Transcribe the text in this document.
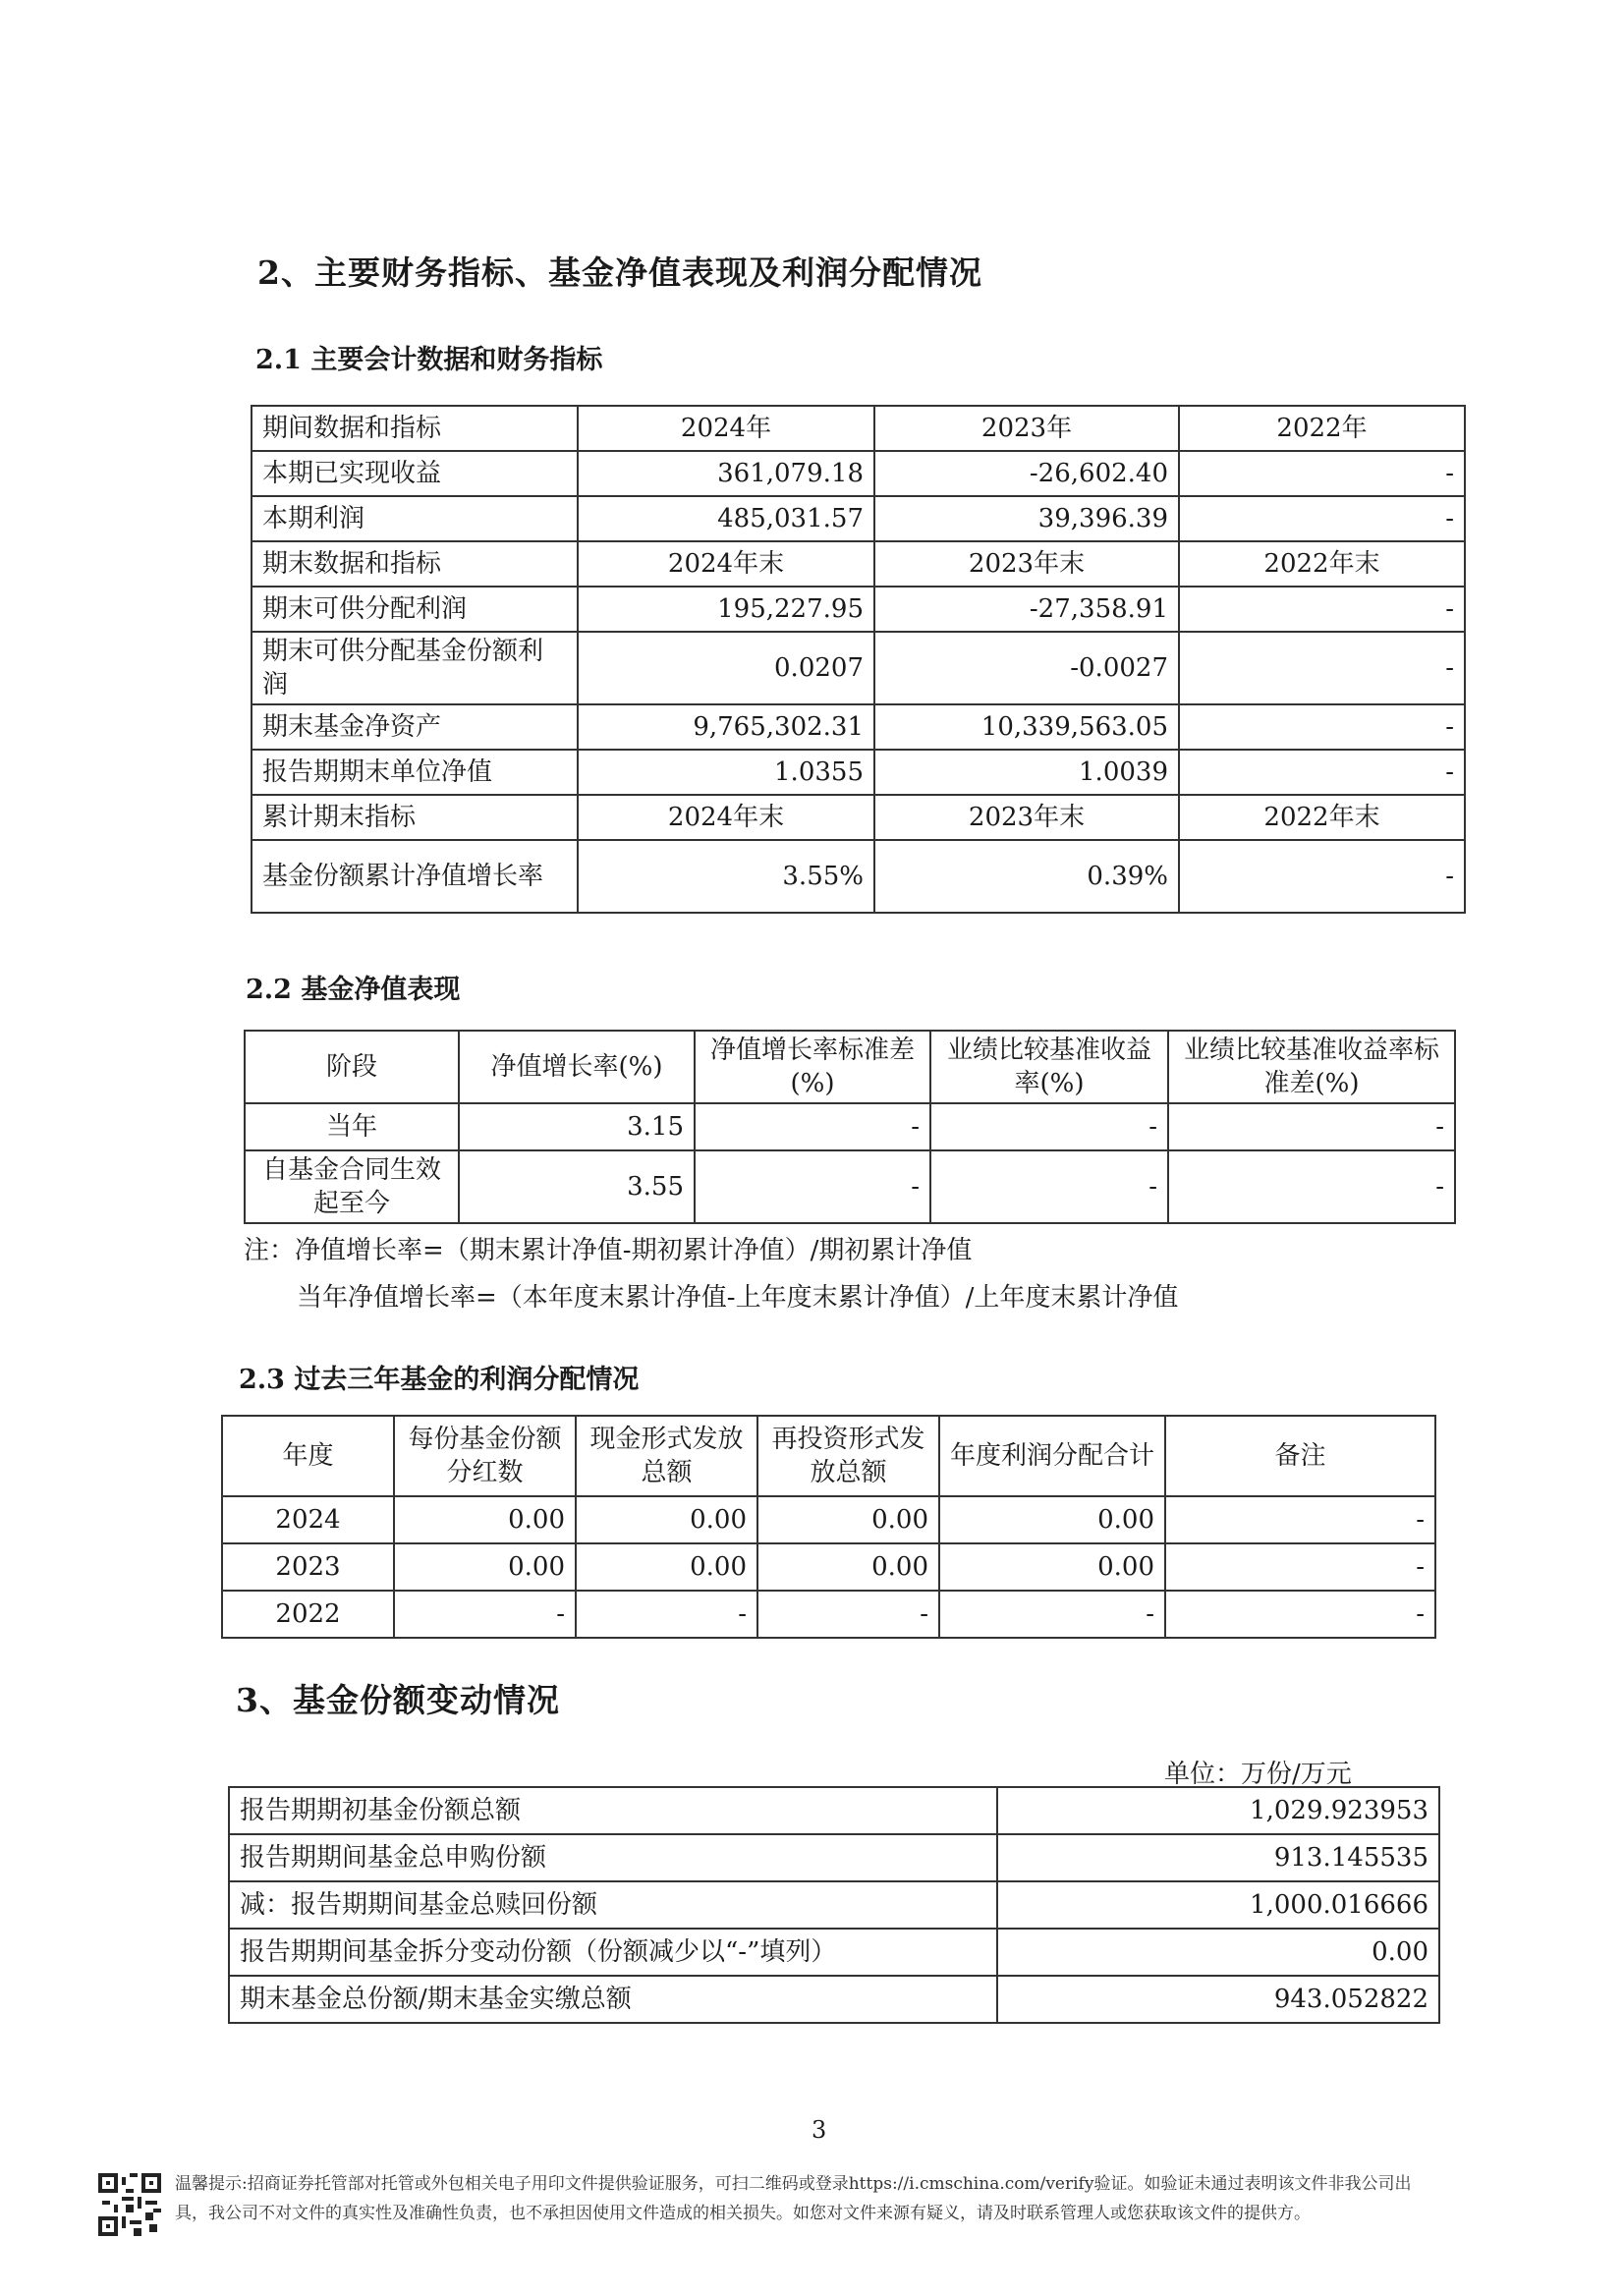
2、主要财务指标、基金净值表现及利润分配情况
2.1 主要会计数据和财务指标
期间数据和指标	2024年	2023年	2022年
本期已实现收益	361,079.18	-26,602.40	-
本期利润	485,031.57	39,396.39	-
期末数据和指标	2024年末	2023年末	2022年末
期末可供分配利润	195,227.95	-27,358.91	-
期末可供分配基金份额利润	0.0207	-0.0027	-
期末基金净资产	9,765,302.31	10,339,563.05	-
报告期期末单位净值	1.0355	1.0039	-
累计期末指标	2024年末	2023年末	2022年末
基金份额累计净值增长率	3.55%	0.39%	-
2.2 基金净值表现
阶段	净值增长率(%)	净值增长率标准差(%)	业绩比较基准收益率(%)	业绩比较基准收益率标准差(%)
当年	3.15	-	-	-
自基金合同生效起至今	3.55	-	-	-
注：净值增长率=（期末累计净值-期初累计净值）/期初累计净值
当年净值增长率=（本年度末累计净值-上年度末累计净值）/上年度末累计净值
2.3 过去三年基金的利润分配情况
年度	每份基金份额分红数	现金形式发放总额	再投资形式发放总额	年度利润分配合计	备注
2024	0.00	0.00	0.00	0.00	-
2023	0.00	0.00	0.00	0.00	-
2022	-	-	-	-	-
3、基金份额变动情况
单位：万份/万元
报告期期初基金份额总额	1,029.923953
报告期期间基金总申购份额	913.145535
减：报告期期间基金总赎回份额	1,000.016666
报告期期间基金拆分变动份额（份额减少以“-”填列）	0.00
期末基金总份额/期末基金实缴总额	943.052822
3
温馨提示:招商证券托管部对托管或外包相关电子用印文件提供验证服务，可扫二维码或登录https://i.cmschina.com/verify验证。如验证未通过表明该文件非我公司出
具，我公司不对文件的真实性及准确性负责，也不承担因使用文件造成的相关损失。如您对文件来源有疑义，请及时联系管理人或您获取该文件的提供方。
